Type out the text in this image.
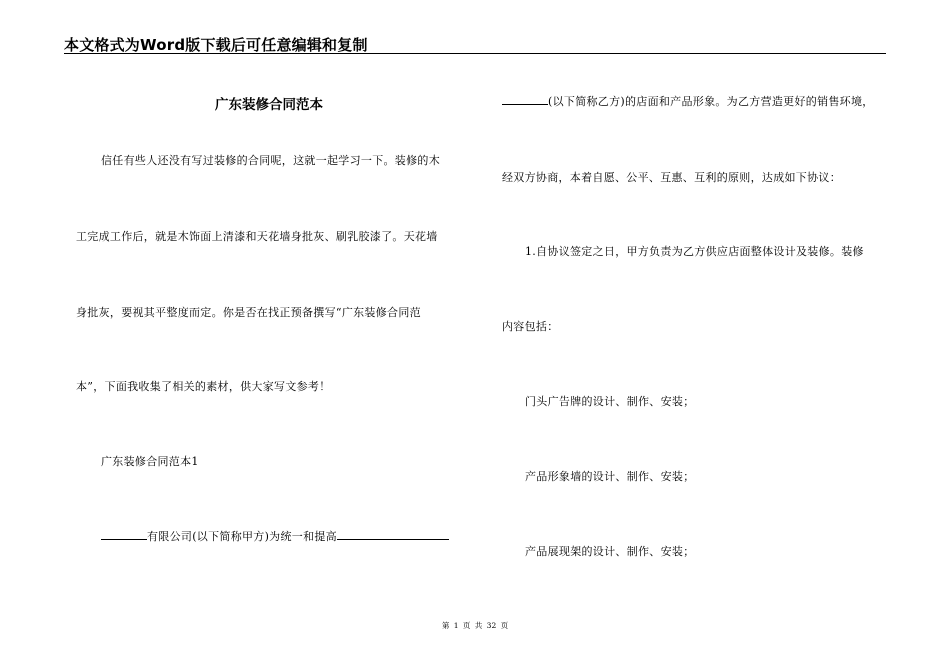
本文格式为Word版下载后可任意编辑和复制
广东装修合同范本
信任有些人还没有写过装修的合同呢，这就一起学习一下。装修的木
工完成工作后，就是木饰面上清漆和天花墙身批灰、刷乳胶漆了。天花墙
身批灰，要视其平整度而定。你是否在找正预备撰写“广东装修合同范
本”，下面我收集了相关的素材，供大家写文参考！
广东装修合同范本1
有限公司(以下简称甲方)为统一和提高
(以下简称乙方)的店面和产品形象。为乙方营造更好的销售环境，
经双方协商，本着自愿、公平、互惠、互利的原则，达成如下协议：
1.自协议签定之日，甲方负责为乙方供应店面整体设计及装修。装修
内容包括：
门头广告牌的设计、制作、安装；
产品形象墙的设计、制作、安装；
产品展现架的设计、制作、安装；
第 1 页 共 32 页
